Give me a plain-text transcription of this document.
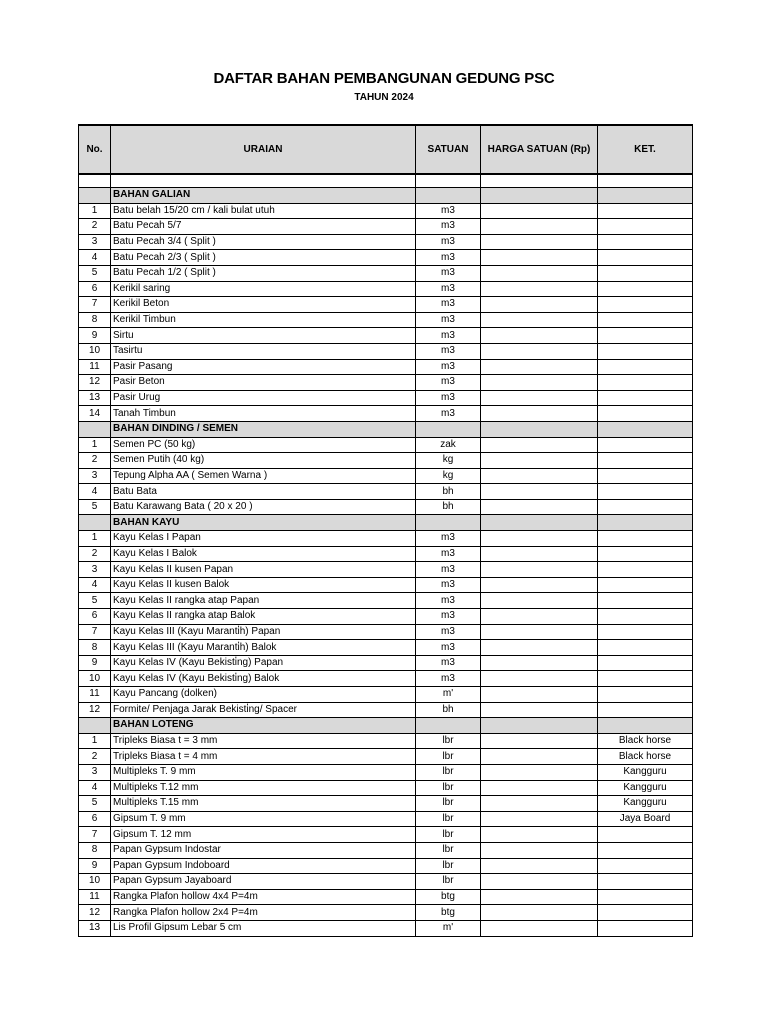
DAFTAR BAHAN PEMBANGUNAN GEDUNG PSC
TAHUN 2024
No.	URAIAN	SATUAN	HARGA SATUAN (Rp)	KET.

	BAHAN GALIAN			
1	Batu belah 15/20 cm / kali bulat utuh	m3		
2	Batu Pecah 5/7	m3		
3	Batu Pecah 3/4 ( Split )	m3		
4	Batu Pecah 2/3 ( Split )	m3		
5	Batu Pecah 1/2 ( Split )	m3		
6	Kerikil saring	m3		
7	Kerikil Beton	m3		
8	Kerikil Timbun	m3		
9	Sirtu	m3		
10	Tasirtu	m3		
11	Pasir Pasang	m3		
12	Pasir Beton	m3		
13	Pasir Urug	m3		
14	Tanah Timbun	m3		
	BAHAN DINDING / SEMEN			
1	Semen PC (50 kg)	zak		
2	Semen Putih (40 kg)	kg		
3	Tepung Alpha AA ( Semen Warna )	kg		
4	Batu Bata	bh		
5	Batu Karawang Bata ( 20 x 20 )	bh		
	BAHAN KAYU			
1	Kayu Kelas I Papan	m3		
2	Kayu Kelas I Balok	m3		
3	Kayu Kelas II kusen Papan	m3		
4	Kayu Kelas II kusen Balok	m3		
5	Kayu Kelas II rangka atap Papan	m3		
6	Kayu Kelas II rangka atap Balok	m3		
7	Kayu Kelas III (Kayu Maranti̇h) Papan	m3		
8	Kayu Kelas III (Kayu Maranti̇h) Balok	m3		
9	Kayu Kelas IV (Kayu Bekisti̇ng) Papan	m3		
10	Kayu Kelas IV (Kayu Bekisti̇ng) Balok	m3		
11	Kayu Pancang (dolken)	m'		
12	Formite/ Penjaga Jarak Bekisti̇ng/ Spacer	bh		
	BAHAN LOTENG			
1	Tripleks Biasa t = 3 mm	lbr		Black horse
2	Tripleks Biasa t = 4 mm	lbr		Black horse
3	Multipleks T. 9 mm	lbr		Kangguru
4	Multipleks T.12 mm	lbr		Kangguru
5	Multipleks T.15 mm	lbr		Kangguru
6	Gipsum T. 9 mm	lbr		Jaya Board
7	Gipsum T. 12 mm	lbr		
8	Papan Gypsum Indostar	lbr		
9	Papan Gypsum Indoboard	lbr		
10	Papan Gypsum Jayaboard	lbr		
11	Rangka Plafon hollow 4x4 P=4m	btg		
12	Rangka Plafon hollow 2x4 P=4m	btg		
13	Lis Profil Gipsum Lebar 5 cm	m'		
